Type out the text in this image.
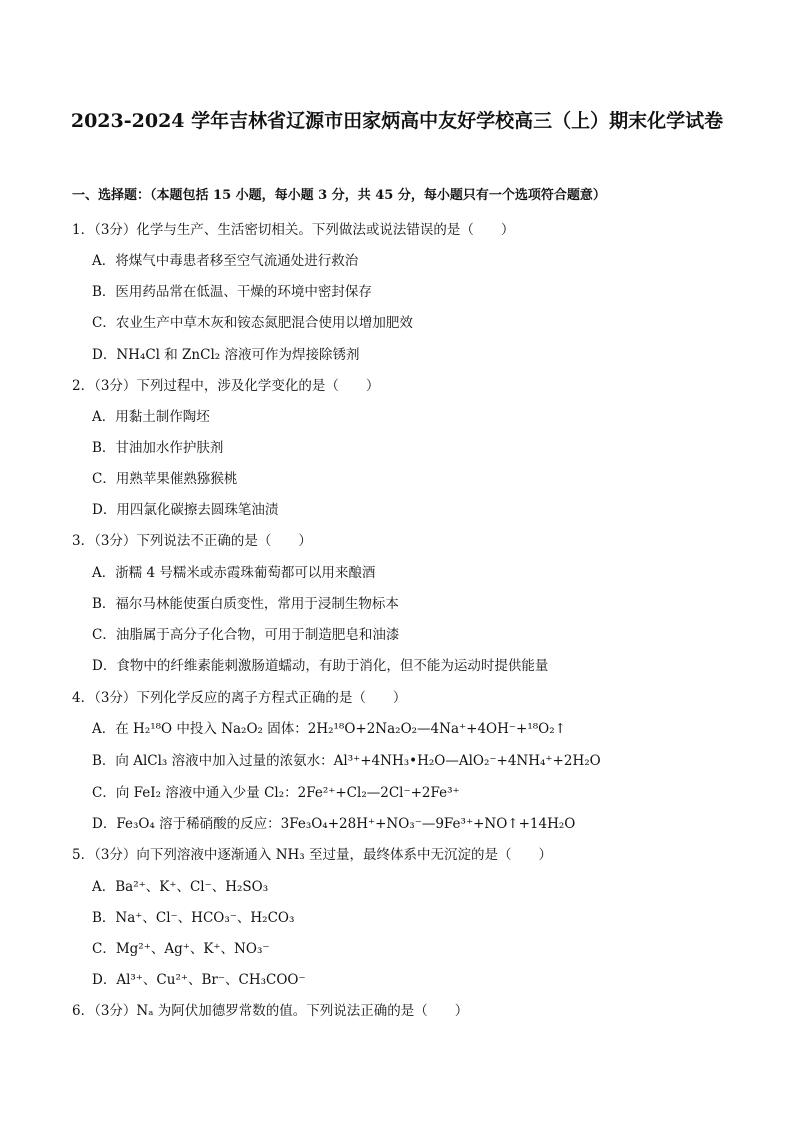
2023-2024 学年吉林省辽源市田家炳高中友好学校高三（上）期末化学试卷
一、选择题：（本题包括 15 小题，每小题 3 分，共 45 分，每小题只有一个选项符合题意）
1．（3分）化学与生产、生活密切相关。下列做法或说法错误的是（　　）
A．将煤气中毒患者移至空气流通处进行救治
B．医用药品常在低温、干燥的环境中密封保存
C．农业生产中草木灰和铵态氮肥混合使用以增加肥效
D．NH₄Cl 和 ZnCl₂ 溶液可作为焊接除锈剂
2．（3分）下列过程中，涉及化学变化的是（　　）
A．用黏土制作陶坯
B．甘油加水作护肤剂
C．用熟苹果催熟猕猴桃
D．用四氯化碳擦去圆珠笔油渍
3．（3分）下列说法不正确的是（　　）
A．浙糯 4 号糯米或赤霞珠葡萄都可以用来酿酒
B．福尔马林能使蛋白质变性，常用于浸制生物标本
C．油脂属于高分子化合物，可用于制造肥皂和油漆
D．食物中的纤维素能刺激肠道蠕动，有助于消化，但不能为运动时提供能量
4．（3分）下列化学反应的离子方程式正确的是（　　）
A．在 H₂¹⁸O 中投入 Na₂O₂ 固体：2H₂¹⁸O+2Na₂O₂—4Na⁺+4OH⁻+¹⁸O₂↑
B．向 AlCl₃ 溶液中加入过量的浓氨水：Al³⁺+4NH₃•H₂O—AlO₂⁻+4NH₄⁺+2H₂O
C．向 FeI₂ 溶液中通入少量 Cl₂：2Fe²⁺+Cl₂—2Cl⁻+2Fe³⁺
D．Fe₃O₄ 溶于稀硝酸的反应：3Fe₃O₄+28H⁺+NO₃⁻—9Fe³⁺+NO↑+14H₂O
5．（3分）向下列溶液中逐渐通入 NH₃ 至过量，最终体系中无沉淀的是（　　）
A．Ba²⁺、K⁺、Cl⁻、H₂SO₃
B．Na⁺、Cl⁻、HCO₃⁻、H₂CO₃
C．Mg²⁺、Ag⁺、K⁺、NO₃⁻
D．Al³⁺、Cu²⁺、Br⁻、CH₃COO⁻
6．（3分）Nₐ 为阿伏加德罗常数的值。下列说法正确的是（　　）
